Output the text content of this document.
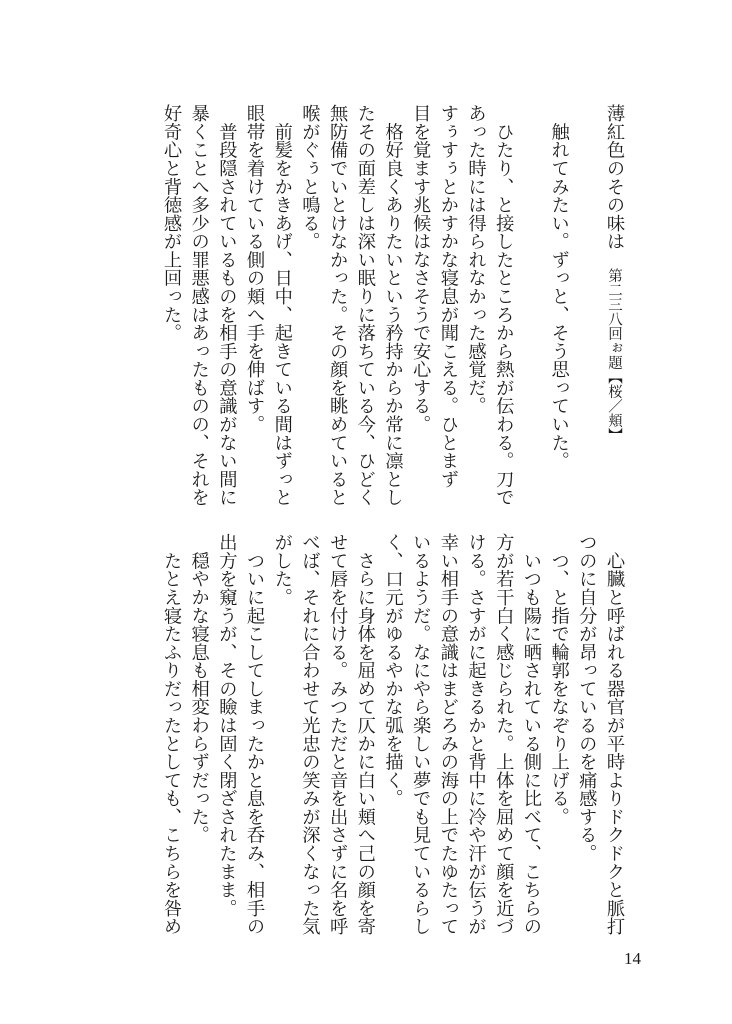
薄紅色のその味は第二三八回ぉ題【桜／頬】
　触れてみたい。ずっと、そう思っていた。
　ひたり、と接したところから熱が伝わる。刀で
あった時には得られなかった感覚だ。
すぅすぅとかすかな寝息が聞こえる。ひとまず
目を覚ます兆候はなさそうで安心する。
　格好良くありたいという矜持からか常に凛とし
たその面差しは深い眠りに落ちている今、ひどく
無防備でいとけなかった。その顔を眺めていると
喉がぐぅと鳴る。
　前髪をかきあげ、日中、起きている間はずっと
眼帯を着けている側の頬へ手を伸ばす。
　普段隠されているものを相手の意識がない間に
暴くことへ多少の罪悪感はあったものの、それを
好奇心と背徳感が上回った。
　心臓と呼ばれる器官が平時よりドクドクと脈打
つのに自分が昂っているのを痛感する。
　つ、と指で輪郭をなぞり上げる。
　いつも陽に晒されている側に比べて、こちらの
方が若干白く感じられた。上体を屈めて顔を近づ
ける。さすがに起きるかと背中に冷や汗が伝うが
幸い相手の意識はまどろみの海の上でたゆたって
いるようだ。なにやら楽しい夢でも見ているらし
く、口元がゆるやかな弧を描く。
　さらに身体を屈めて仄かに白い頬へ己の顔を寄
せて唇を付ける。みつただと音を出さずに名を呼
べば、それに合わせて光忠の笑みが深くなった気
がした。
　ついに起こしてしまったかと息を呑み、相手の
出方を窺うが、その瞼は固く閉ざされたまま。
　穏やかな寝息も相変わらずだった。
　たとえ寝たふりだったとしても、こちらを咎め
14
